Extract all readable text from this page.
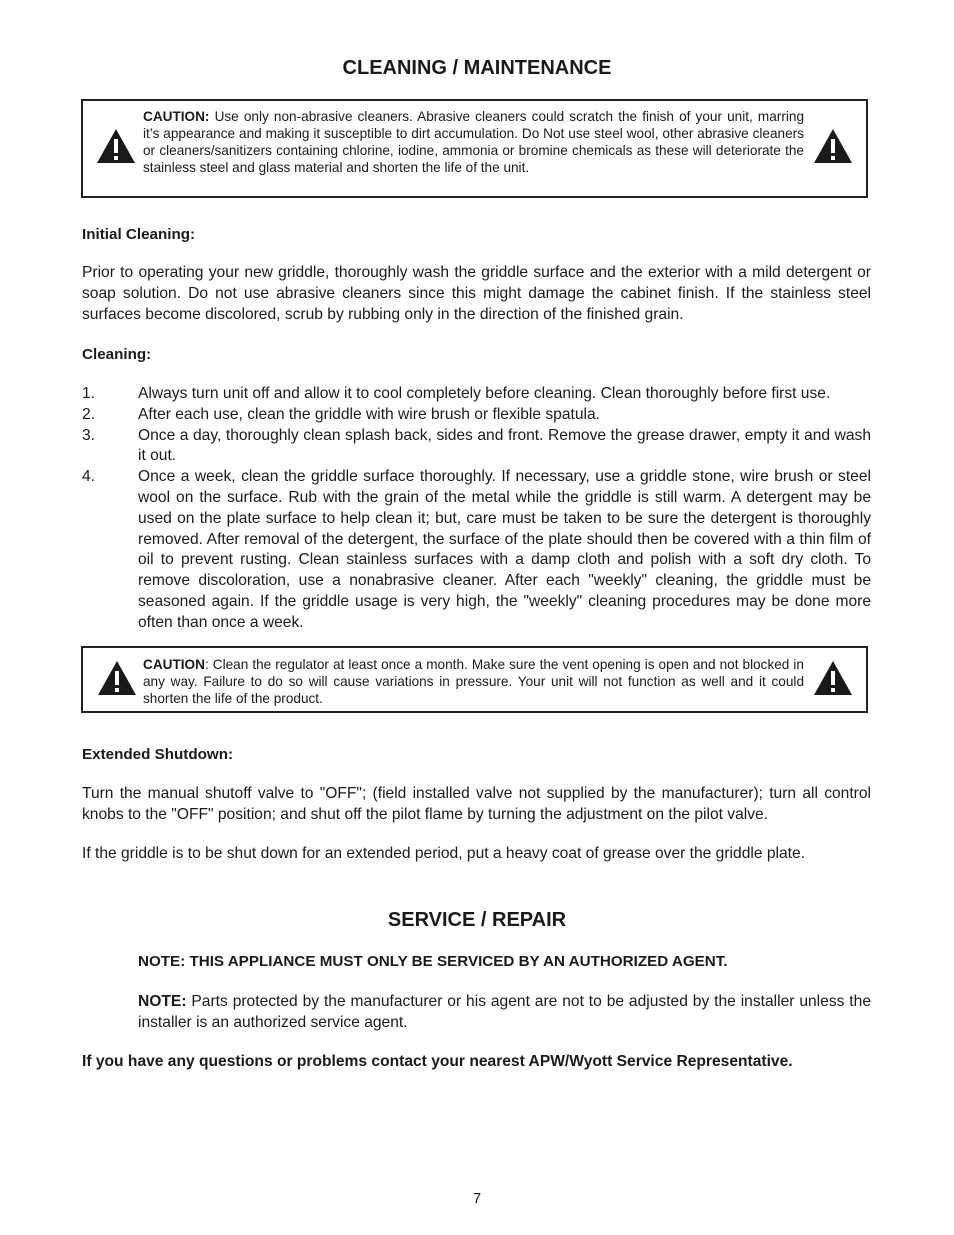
CLEANING / MAINTENANCE
CAUTION: Use only non-abrasive cleaners. Abrasive cleaners could scratch the finish of your unit, marring it’s appearance and making it susceptible to dirt accumulation. Do Not use steel wool, other abrasive cleaners or cleaners/sanitizers containing chlorine, iodine, ammonia or bromine chemicals as these will deteriorate the stainless steel and glass material and shorten the life of the unit.
Initial Cleaning:
Prior to operating your new griddle, thoroughly wash the griddle surface and the exterior with a mild detergent or soap solution. Do not use abrasive cleaners since this might damage the cabinet finish. If the stainless steel surfaces become discolored, scrub by rubbing only in the direction of the finished grain.
Cleaning:
1.	Always turn unit off and allow it to cool completely before cleaning. Clean thoroughly before first use.
2.	After each use, clean the griddle with wire brush or flexible spatula.
3.	Once a day, thoroughly clean splash back, sides and front. Remove the grease drawer, empty it and wash it out.
4.	Once a week, clean the griddle surface thoroughly. If necessary, use a griddle stone, wire brush or steel wool on the surface. Rub with the grain of the metal while the griddle is still warm. A detergent may be used on the plate surface to help clean it; but, care must be taken to be sure the detergent is thoroughly removed. After removal of the detergent, the surface of the plate should then be covered with a thin film of oil to prevent rusting. Clean stainless surfaces with a damp cloth and polish with a soft dry cloth. To remove discoloration, use a nonabrasive cleaner. After each "weekly" cleaning, the griddle must be seasoned again. If the griddle usage is very high, the "weekly" cleaning procedures may be done more often than once a week.
CAUTION: Clean the regulator at least once a month. Make sure the vent opening is open and not blocked in any way. Failure to do so will cause variations in pressure. Your unit will not function as well and it could shorten the life of the product.
Extended Shutdown:
Turn the manual shutoff valve to "OFF"; (field installed valve not supplied by the manufacturer); turn all control knobs to the "OFF" position; and shut off the pilot flame by turning the adjustment on the pilot valve.
If the griddle is to be shut down for an extended period, put a heavy coat of grease over the griddle plate.
SERVICE / REPAIR
NOTE: THIS APPLIANCE MUST ONLY BE SERVICED BY AN AUTHORIZED AGENT.
NOTE: Parts protected by the manufacturer or his agent are not to be adjusted by the installer unless the installer is an authorized service agent.
If you have any questions or problems contact your nearest APW/Wyott Service Representative.
7
